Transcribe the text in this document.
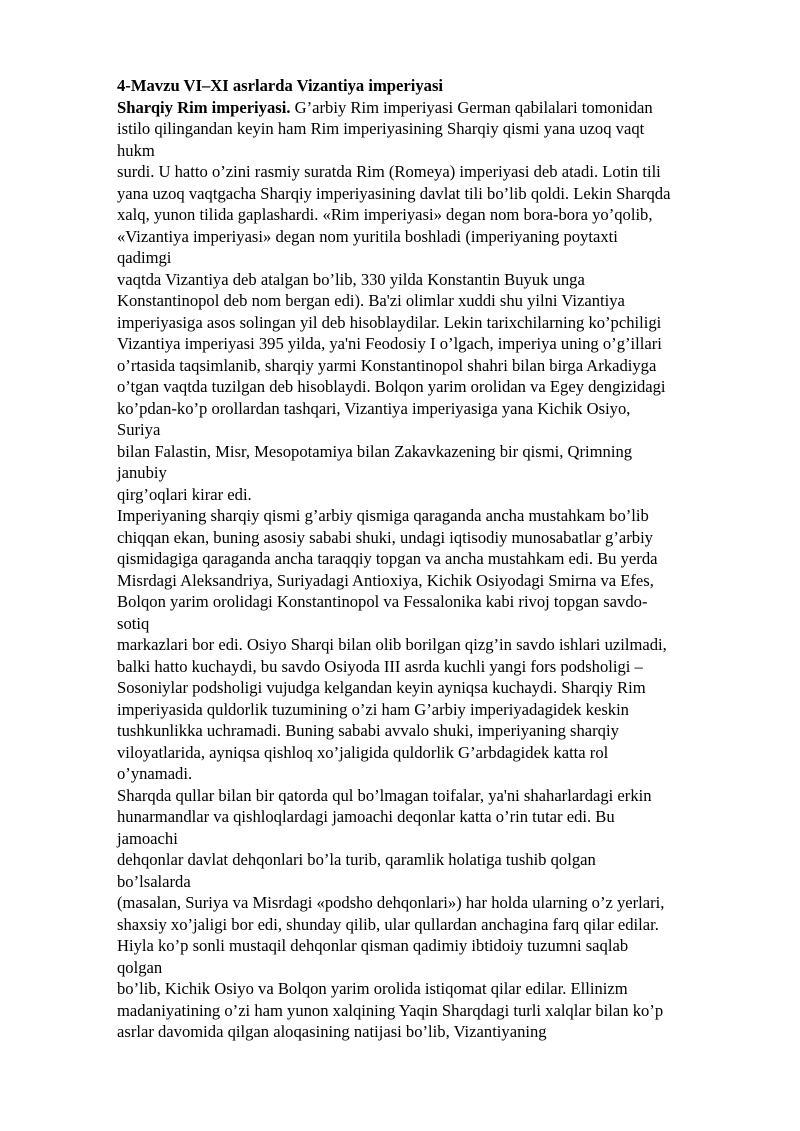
4-Mavzu VI–XI asrlarda Vizantiya imperiyasi
Sharqiy Rim imperiyasi. G’arbiy Rim imperiyasi German qabilalari tomonidan
istilo qilingandan keyin ham Rim imperiyasining Sharqiy qismi yana uzoq vaqt
hukm
surdi. U hatto o’zini rasmiy suratda Rim (Romeya) imperiyasi deb atadi. Lotin tili
yana uzoq vaqtgacha Sharqiy imperiyasining davlat tili bo’lib qoldi. Lekin Sharqda
xalq, yunon tilida gaplashardi. «Rim imperiyasi» degan nom bora-bora yo’qolib,
«Vizantiya imperiyasi» degan nom yuritila boshladi (imperiyaning poytaxti
qadimgi
vaqtda Vizantiya deb atalgan bo’lib, 330 yilda Konstantin Buyuk unga
Konstantinopol deb nom bergan edi). Ba'zi olimlar xuddi shu yilni Vizantiya
imperiyasiga asos solingan yil deb hisoblaydilar. Lekin tarixchilarning ko’pchiligi
Vizantiya imperiyasi 395 yilda, ya'ni Feodosiy I o’lgach, imperiya uning o’g’illari
o’rtasida taqsimlanib, sharqiy yarmi Konstantinopol shahri bilan birga Arkadiyga
o’tgan vaqtda tuzilgan deb hisoblaydi. Bolqon yarim orolidan va Egey dengizidagi
ko’pdan-ko’p orollardan tashqari, Vizantiya imperiyasiga yana Kichik Osiyo,
Suriya
bilan Falastin, Misr, Mesopotamiya bilan Zakavkazening bir qismi, Qrimning
janubiy
qirg’oqlari kirar edi.
Imperiyaning sharqiy qismi g’arbiy qismiga qaraganda ancha mustahkam bo’lib
chiqqan ekan, buning asosiy sababi shuki, undagi iqtisodiy munosabatlar g’arbiy
qismidagiga qaraganda ancha taraqqiy topgan va ancha mustahkam edi. Bu yerda
Misrdagi Aleksandriya, Suriyadagi Antioxiya, Kichik Osiyodagi Smirna va Efes,
Bolqon yarim orolidagi Konstantinopol va Fessalonika kabi rivoj topgan savdo-
sotiq
markazlari bor edi. Osiyo Sharqi bilan olib borilgan qizg’in savdo ishlari uzilmadi,
balki hatto kuchaydi, bu savdo Osiyoda III asrda kuchli yangi fors podsholigi –
Sosoniylar podsholigi vujudga kelgandan keyin ayniqsa kuchaydi. Sharqiy Rim
imperiyasida quldorlik tuzumining o’zi ham G’arbiy imperiyadagidek keskin
tushkunlikka uchramadi. Buning sababi avvalo shuki, imperiyaning sharqiy
viloyatlarida, ayniqsa qishloq xo’jaligida quldorlik G’arbdagidek katta rol
o’ynamadi.
Sharqda qullar bilan bir qatorda qul bo’lmagan toifalar, ya'ni shaharlardagi erkin
hunarmandlar va qishloqlardagi jamoachi deqonlar katta o’rin tutar edi. Bu
jamoachi
dehqonlar davlat dehqonlari bo’la turib, qaramlik holatiga tushib qolgan
bo’lsalarda
(masalan, Suriya va Misrdagi «podsho dehqonlari») har holda ularning o’z yerlari,
shaxsiy xo’jaligi bor edi, shunday qilib, ular qullardan anchagina farq qilar edilar.
Hiyla ko’p sonli mustaqil dehqonlar qisman qadimiy ibtidoiy tuzumni saqlab
qolgan
bo’lib, Kichik Osiyo va Bolqon yarim orolida istiqomat qilar edilar. Ellinizm
madaniyatining o’zi ham yunon xalqining Yaqin Sharqdagi turli xalqlar bilan ko’p
asrlar davomida qilgan aloqasining natijasi bo’lib, Vizantiyaning
